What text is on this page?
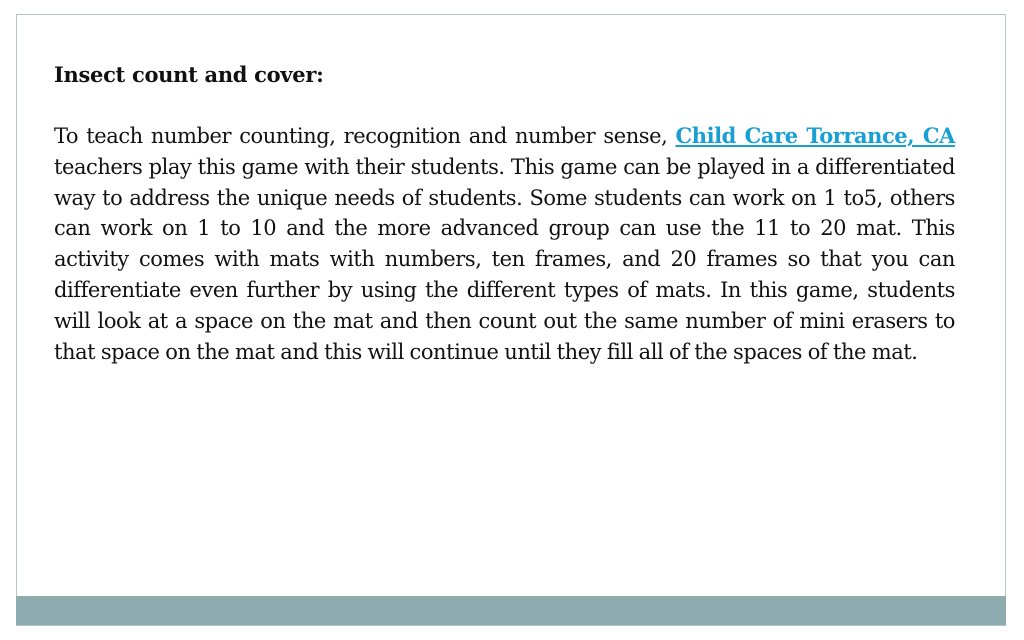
Insect count and cover:

To teach number counting, recognition and number sense, Child Care Torrance, CA teachers play this game with their students. This game can be played in a differentiated way to address the unique needs of students. Some students can work on 1 to5, others can work on 1 to 10 and the more advanced group can use the 11 to 20 mat. This activity comes with mats with numbers, ten frames, and 20 frames so that you can differentiate even further by using the different types of mats. In this game, students will look at a space on the mat and then count out the same number of mini erasers to that space on the mat and this will continue until they fill all of the spaces of the mat.
